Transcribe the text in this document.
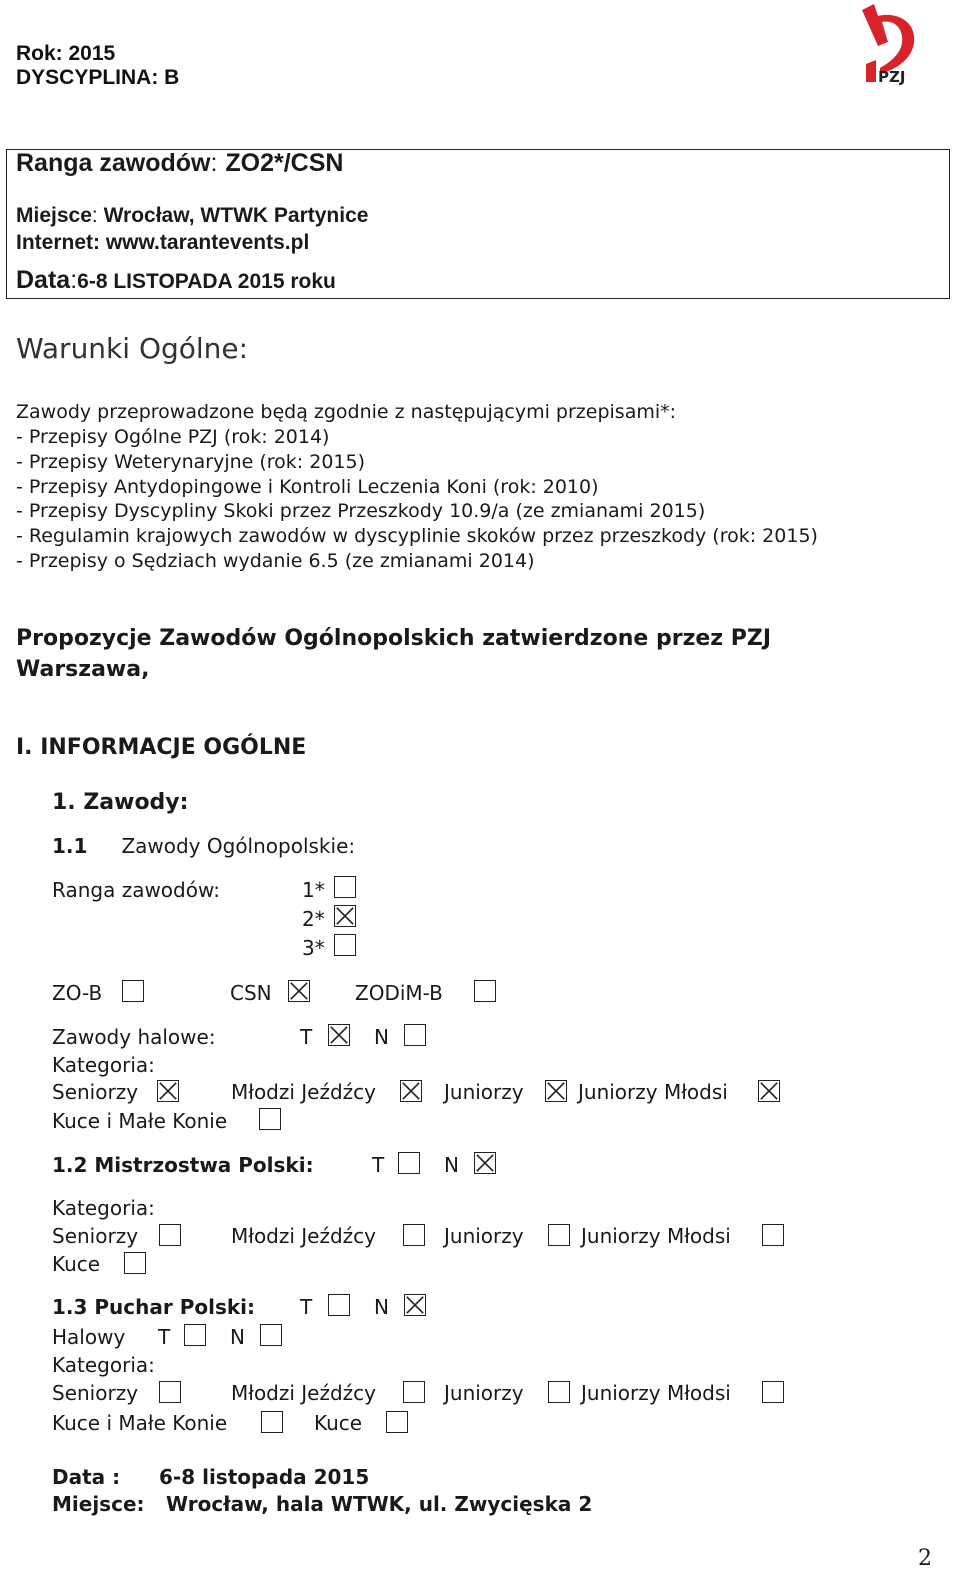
Rok: 2015
DYSCYPLINA: B	PZJ
Ranga zawodów: ZO2*/CSN
Miejsce: Wrocław, WTWK Partynice
Internet: www.tarantevents.pl
Data:6-8 LISTOPADA 2015 roku
Warunki Ogólne:
Zawody przeprowadzone będą zgodnie z następującymi przepisami*:
- Przepisy Ogólne PZJ (rok: 2014)
- Przepisy Weterynaryjne (rok: 2015)
- Przepisy Antydopingowe i Kontroli Leczenia Koni (rok: 2010)
- Przepisy Dyscypliny Skoki przez Przeszkody 10.9/a (ze zmianami 2015)
- Regulamin krajowych zawodów w dyscyplinie skoków przez przeszkody (rok: 2015)
- Przepisy o Sędziach wydanie 6.5 (ze zmianami 2014)
Propozycje Zawodów Ogólnopolskich zatwierdzone przez PZJ
Warszawa,
I. INFORMACJE OGÓLNE
1. Zawody:
1.1 Zawody Ogólnopolskie:
Ranga zawodów:	1*
2*
3*
ZO-B	CSN	ZODiM-B
Zawody halowe:	T	N
Kategoria:
Seniorzy	Młodzi Jeźdźcy	Juniorzy	Juniorzy Młodsi
Kuce i Małe Konie
1.2 Mistrzostwa Polski:	T	N
Kategoria:
Seniorzy	Młodzi Jeźdźcy	Juniorzy	Juniorzy Młodsi
Kuce
1.3 Puchar Polski: T	N
Halowy T	N
Kategoria:
Seniorzy	Młodzi Jeźdźcy	Juniorzy	Juniorzy Młodsi
Kuce i Małe Konie	Kuce
Data : 6-8 listopada 2015
Miejsce: Wrocław, hala WTWK, ul. Zwycięska 2
2
